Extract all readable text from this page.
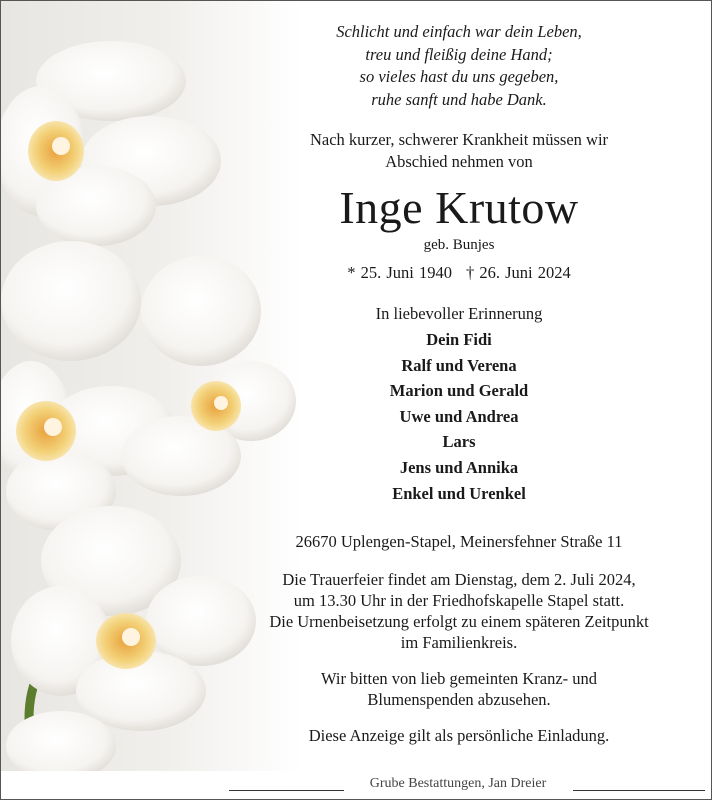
Schlicht und einfach war dein Leben,
treu und fleißig deine Hand;
so vieles hast du uns gegeben,
ruhe sanft und habe Dank.
Nach kurzer, schwerer Krankheit müssen wir
Abschied nehmen von
Inge Krutow
geb. Bunjes
* 25. Juni 1940 † 26. Juni 2024
In liebevoller Erinnerung
Dein Fidi
Ralf und Verena
Marion und Gerald
Uwe und Andrea
Lars
Jens und Annika
Enkel und Urenkel
26670 Uplengen-Stapel, Meinersfehner Straße 11
Die Trauerfeier findet am Dienstag, dem 2. Juli 2024,
um 13.30 Uhr in der Friedhofskapelle Stapel statt.
Die Urnenbeisetzung erfolgt zu einem späteren Zeitpunkt
im Familienkreis.
Wir bitten von lieb gemeinten Kranz- und
Blumenspenden abzusehen.
Diese Anzeige gilt als persönliche Einladung.
Grube Bestattungen, Jan Dreier
